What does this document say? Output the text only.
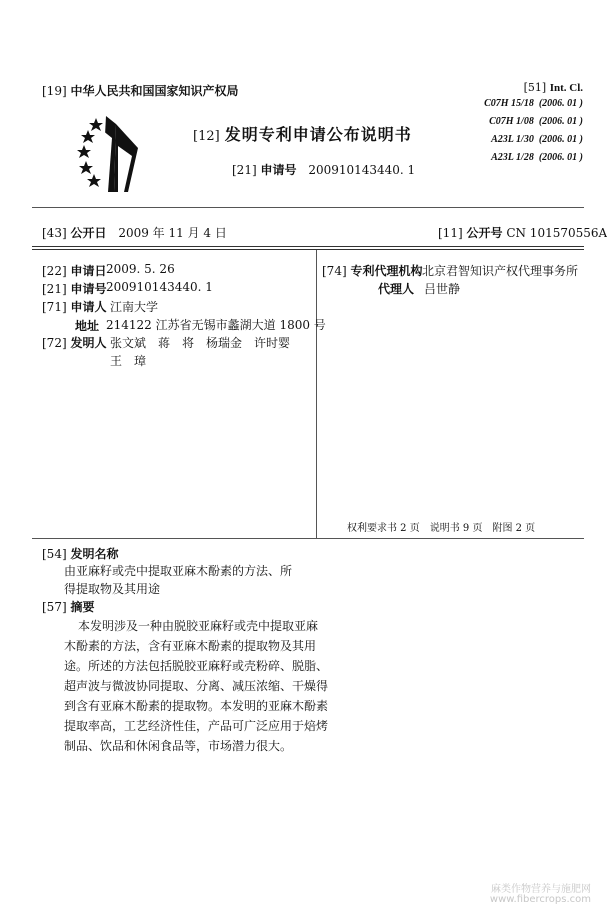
[19] 中华人民共和国国家知识产权局
[12] 发明专利申请公布说明书
[21] 申请号 200910143440. 1
[51] Int. Cl.
C07H 15/18 (2006. 01 )
C07H 1/08 (2006. 01 )
A23L 1/30 (2006. 01 )
A23L 1/28 (2006. 01 )
[43] 公开日 2009 年 11 月 4 日	[11] 公开号 CN 101570556A
[22] 申请日 2009. 5. 26
[21] 申请号 200910143440. 1
[71] 申请人 江南大学
地址 214122 江苏省无锡市蠡湖大道 1800 号
[72] 发明人 张文斌　蒋　将　杨瑞金　许时婴
王　璋
[74] 专利代理机构 北京君智知识产权代理事务所
代理人 吕世静
权利要求书 2 页　说明书 9 页　附图 2 页
[54] 发明名称
由亚麻籽或壳中提取亚麻木酚素的方法、所
得提取物及其用途
[57] 摘要
本发明涉及一种由脱胶亚麻籽或壳中提取亚麻
木酚素的方法，含有亚麻木酚素的提取物及其用
途。所述的方法包括脱胶亚麻籽或壳粉碎、脱脂、
超声波与微波协同提取、分离、减压浓缩、干燥得
到含有亚麻木酚素的提取物。本发明的亚麻木酚素
提取率高，工艺经济性佳，产品可广泛应用于焙烤
制品、饮品和休闲食品等，市场潜力很大。
麻类作物营养与施肥网
www.fibercrops.com
